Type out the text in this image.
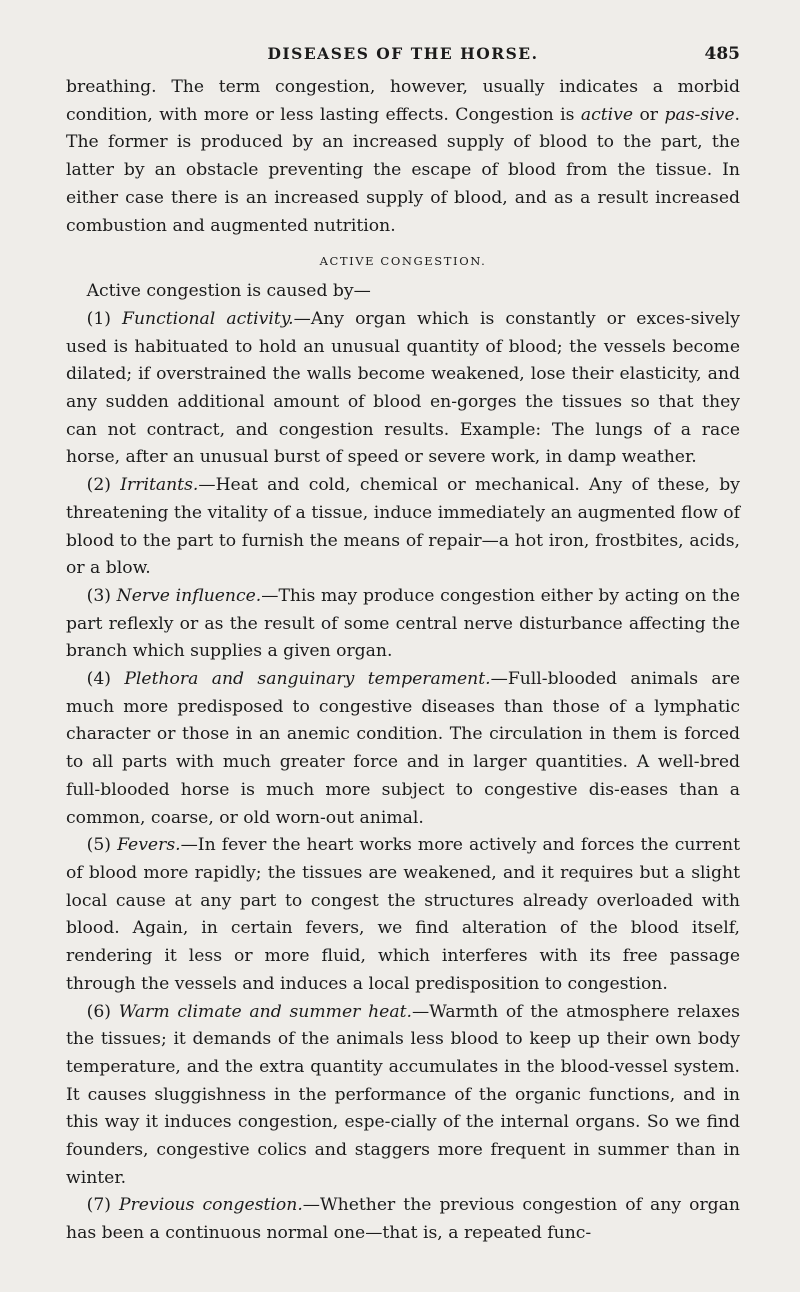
DISEASES OF THE HORSE.	485

breathing. The term congestion, however, usually indicates a morbid condition, with more or less lasting effects. Congestion is active or pas-sive. The former is produced by an increased supply of blood to the part, the latter by an obstacle preventing the escape of blood from the tissue. In either case there is an increased supply of blood, and as a result increased combustion and augmented nutrition.

ACTIVE CONGESTION.

Active congestion is caused by—

(1) Functional activity.—Any organ which is constantly or exces-sively used is habituated to hold an unusual quantity of blood; the vessels become dilated; if overstrained the walls become weakened, lose their elasticity, and any sudden additional amount of blood en-gorges the tissues so that they can not contract, and congestion results. Example: The lungs of a race horse, after an unusual burst of speed or severe work, in damp weather.

(2) Irritants.—Heat and cold, chemical or mechanical. Any of these, by threatening the vitality of a tissue, induce immediately an augmented flow of blood to the part to furnish the means of repair—a hot iron, frostbites, acids, or a blow.

(3) Nerve influence.—This may produce congestion either by acting on the part reflexly or as the result of some central nerve disturbance affecting the branch which supplies a given organ.

(4) Plethora and sanguinary temperament.—Full-blooded animals are much more predisposed to congestive diseases than those of a lymphatic character or those in an anemic condition. The circulation in them is forced to all parts with much greater force and in larger quantities. A well-bred full-blooded horse is much more subject to congestive dis-eases than a common, coarse, or old worn-out animal.

(5) Fevers.—In fever the heart works more actively and forces the current of blood more rapidly; the tissues are weakened, and it requires but a slight local cause at any part to congest the structures already overloaded with blood. Again, in certain fevers, we find alteration of the blood itself, rendering it less or more fluid, which interferes with its free passage through the vessels and induces a local predisposition to congestion.

(6) Warm climate and summer heat.—Warmth of the atmosphere relaxes the tissues; it demands of the animals less blood to keep up their own body temperature, and the extra quantity accumulates in the blood-vessel system. It causes sluggishness in the performance of the organic functions, and in this way it induces congestion, espe-cially of the internal organs. So we find founders, congestive colics and staggers more frequent in summer than in winter.

(7) Previous congestion.—Whether the previous congestion of any organ has been a continuous normal one—that is, a repeated func-
